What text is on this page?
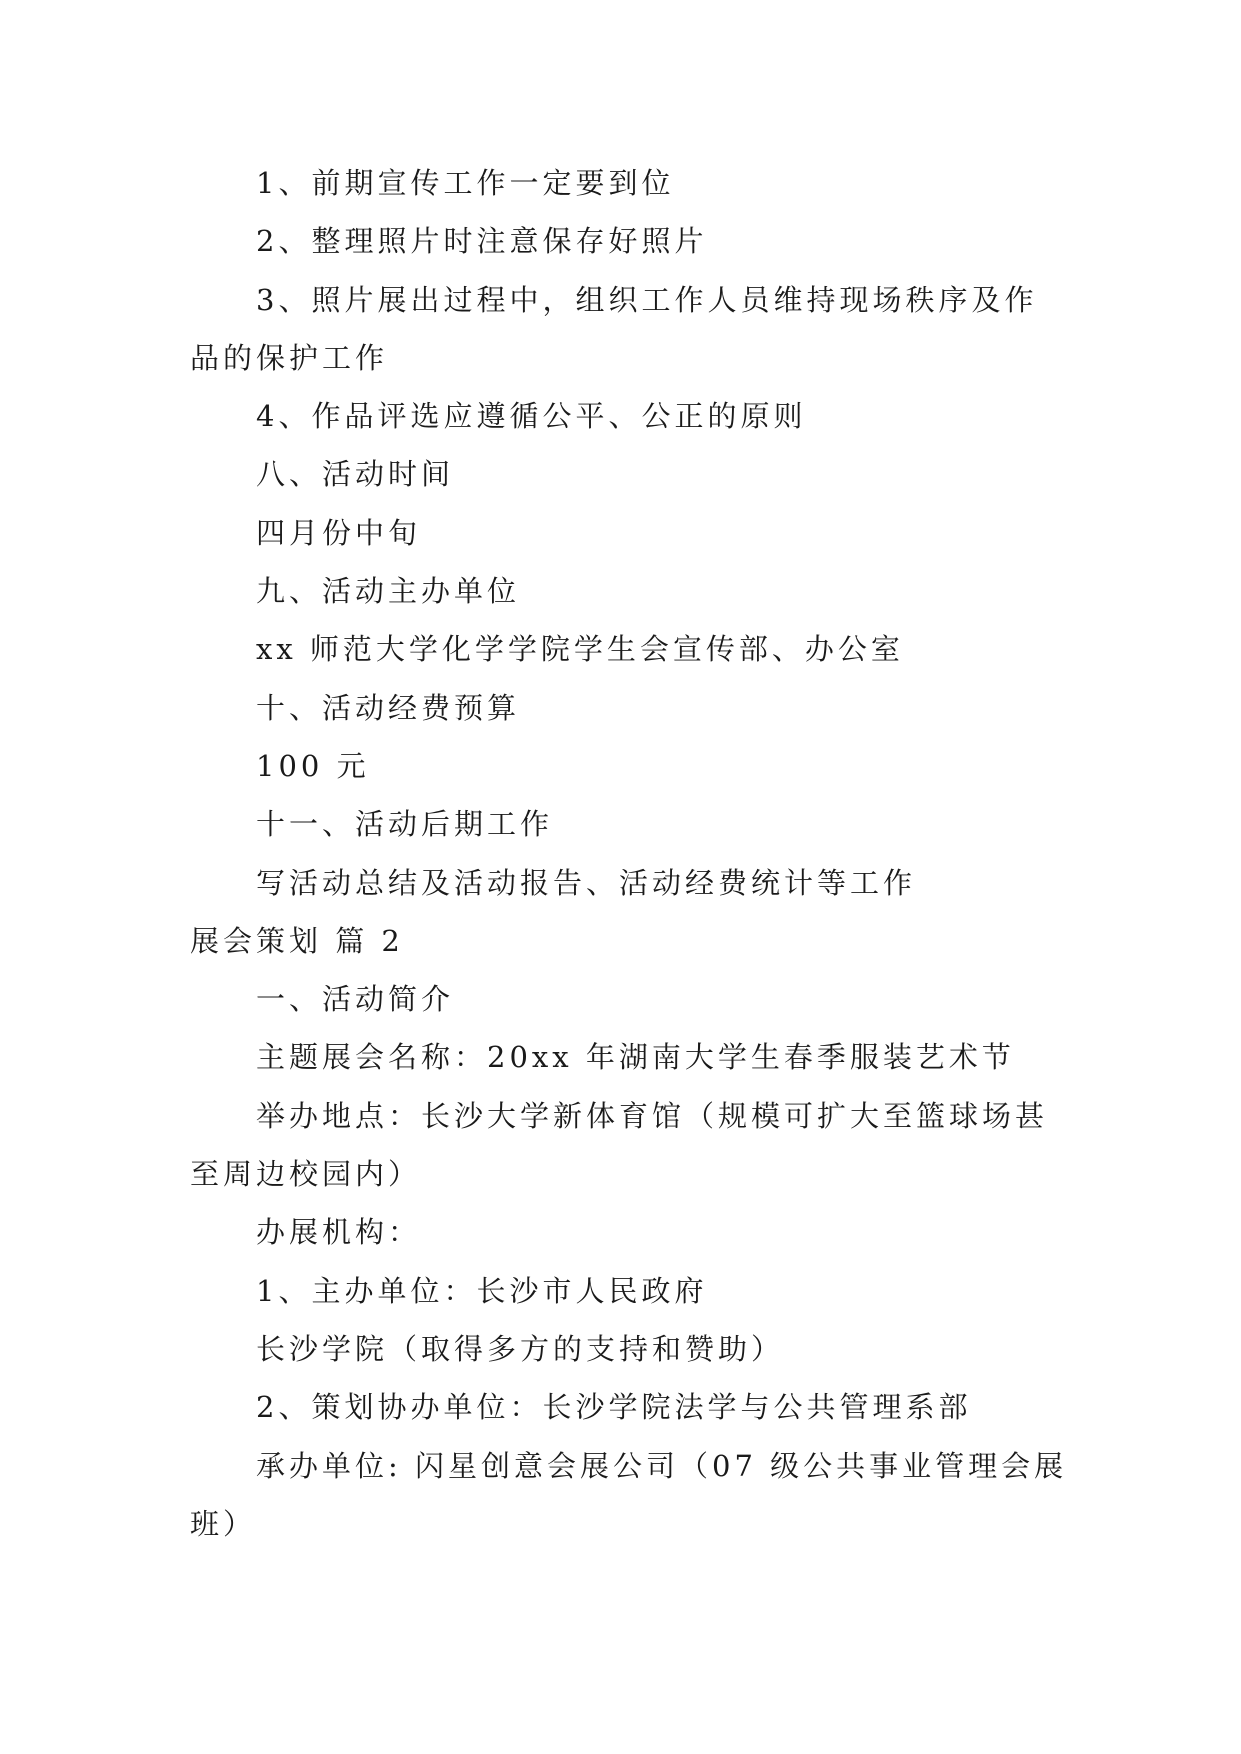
1、前期宣传工作一定要到位
2、整理照片时注意保存好照片
3、照片展出过程中，组织工作人员维持现场秩序及作
品的保护工作
4、作品评选应遵循公平、公正的原则
八、活动时间
四月份中旬
九、活动主办单位
xx 师范大学化学学院学生会宣传部、办公室
十、活动经费预算
100 元
十一、活动后期工作
写活动总结及活动报告、活动经费统计等工作
展会策划 篇 2
一、活动简介
主题展会名称：20xx 年湖南大学生春季服装艺术节
举办地点：长沙大学新体育馆（规模可扩大至篮球场甚
至周边校园内）
办展机构：
1、主办单位：长沙市人民政府
长沙学院（取得多方的支持和赞助）
2、策划协办单位：长沙学院法学与公共管理系部
承办单位: 闪星创意会展公司（07 级公共事业管理会展
班）
